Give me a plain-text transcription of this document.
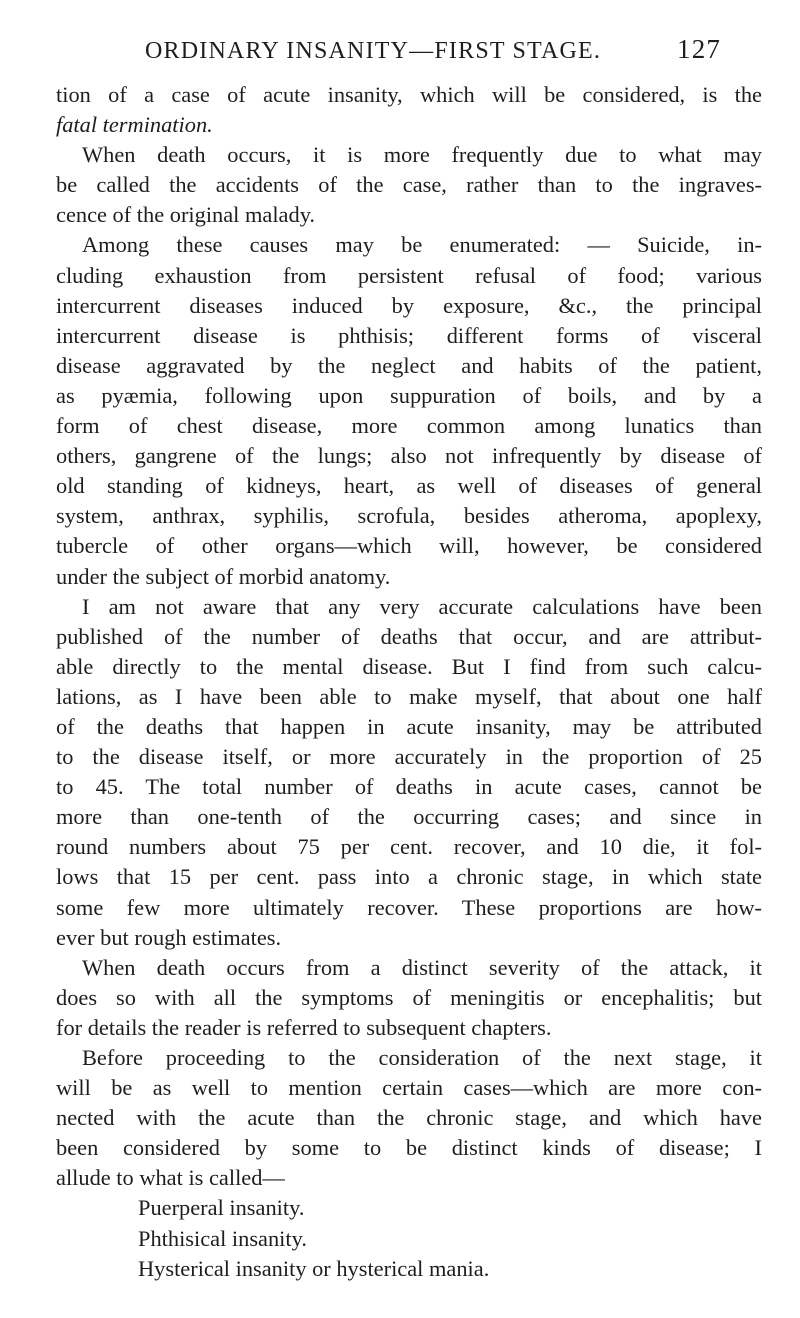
ORDINARY INSANITY—FIRST STAGE.	127
tion of a case of acute insanity, which will be considered, is the
fatal termination.
When death occurs, it is more frequently due to what may
be called the accidents of the case, rather than to the ingraves-
cence of the original malady.
Among these causes may be enumerated: — Suicide, in-
cluding exhaustion from persistent refusal of food; various
intercurrent diseases induced by exposure, &c., the principal
intercurrent disease is phthisis; different forms of visceral
disease aggravated by the neglect and habits of the patient,
as pyæmia, following upon suppuration of boils, and by a
form of chest disease, more common among lunatics than
others, gangrene of the lungs; also not infrequently by disease of
old standing of kidneys, heart, as well of diseases of general
system, anthrax, syphilis, scrofula, besides atheroma, apoplexy,
tubercle of other organs—which will, however, be considered
under the subject of morbid anatomy.
I am not aware that any very accurate calculations have been
published of the number of deaths that occur, and are attribut-
able directly to the mental disease. But I find from such calcu-
lations, as I have been able to make myself, that about one half
of the deaths that happen in acute insanity, may be attributed
to the disease itself, or more accurately in the proportion of 25
to 45. The total number of deaths in acute cases, cannot be
more than one-tenth of the occurring cases; and since in
round numbers about 75 per cent. recover, and 10 die, it fol-
lows that 15 per cent. pass into a chronic stage, in which state
some few more ultimately recover. These proportions are how-
ever but rough estimates.
When death occurs from a distinct severity of the attack, it
does so with all the symptoms of meningitis or encephalitis; but
for details the reader is referred to subsequent chapters.
Before proceeding to the consideration of the next stage, it
will be as well to mention certain cases—which are more con-
nected with the acute than the chronic stage, and which have
been considered by some to be distinct kinds of disease; I
allude to what is called—
Puerperal insanity.
Phthisical insanity.
Hysterical insanity or hysterical mania.
